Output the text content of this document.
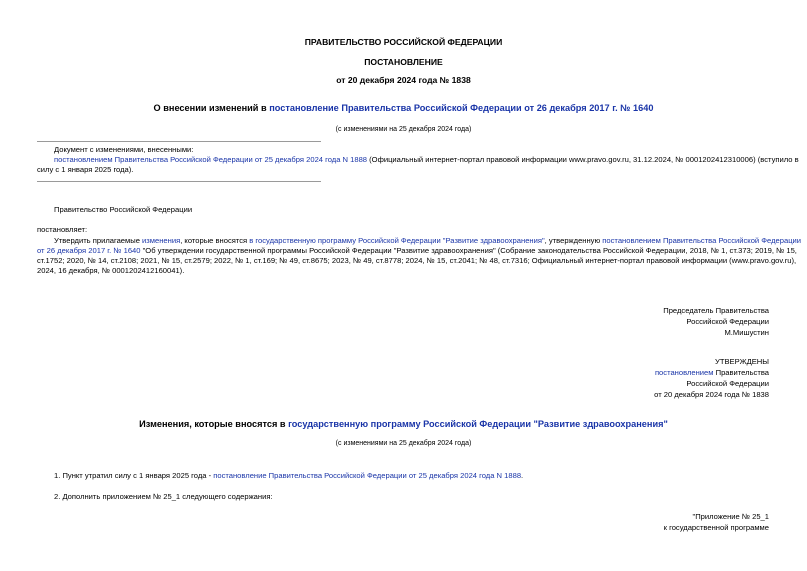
ПРАВИТЕЛЬСТВО РОССИЙСКОЙ ФЕДЕРАЦИИ
ПОСТАНОВЛЕНИЕ
от 20 декабря 2024 года № 1838
О внесении изменений в постановление Правительства Российской Федерации от 26 декабря 2017 г. № 1640
(с изменениями на 25 декабря 2024 года)
Документ с изменениями, внесенными:
постановлением Правительства Российской Федерации от 25 декабря 2024 года N 1888 (Официальный интернет-портал правовой информации www.pravo.gov.ru, 31.12.2024, № 0001202412310006) (вступило в
силу с 1 января 2025 года).
Правительство Российской Федерации
постановляет:
Утвердить прилагаемые изменения, которые вносятся в государственную программу Российской Федерации "Развитие здравоохранения", утвержденную постановлением Правительства Российской Федерации
от 26 декабря 2017 г. № 1640 "Об утверждении государственной программы Российской Федерации "Развитие здравоохранения" (Собрание законодательства Российской Федерации, 2018, № 1, ст.373; 2019, № 15,
ст.1752; 2020, № 14, ст.2108; 2021, № 15, ст.2579; 2022, № 1, ст.169; № 49, ст.8675; 2023, № 49, ст.8778; 2024, № 15, ст.2041; № 48, ст.7316; Официальный интернет-портал правовой информации (www.pravo.gov.ru),
2024, 16 декабря, № 0001202412160041).
Председатель Правительства
Российской Федерации
М.Мишустин
УТВЕРЖДЕНЫ
постановлением Правительства
Российской Федерации
от 20 декабря 2024 года № 1838
Изменения, которые вносятся в государственную программу Российской Федерации "Развитие здравоохранения"
(с изменениями на 25 декабря 2024 года)
1. Пункт утратил силу с 1 января 2025 года - постановление Правительства Российской Федерации от 25 декабря 2024 года N 1888.
2. Дополнить приложением № 25_1 следующего содержания:
"Приложение № 25_1
к государственной программе
